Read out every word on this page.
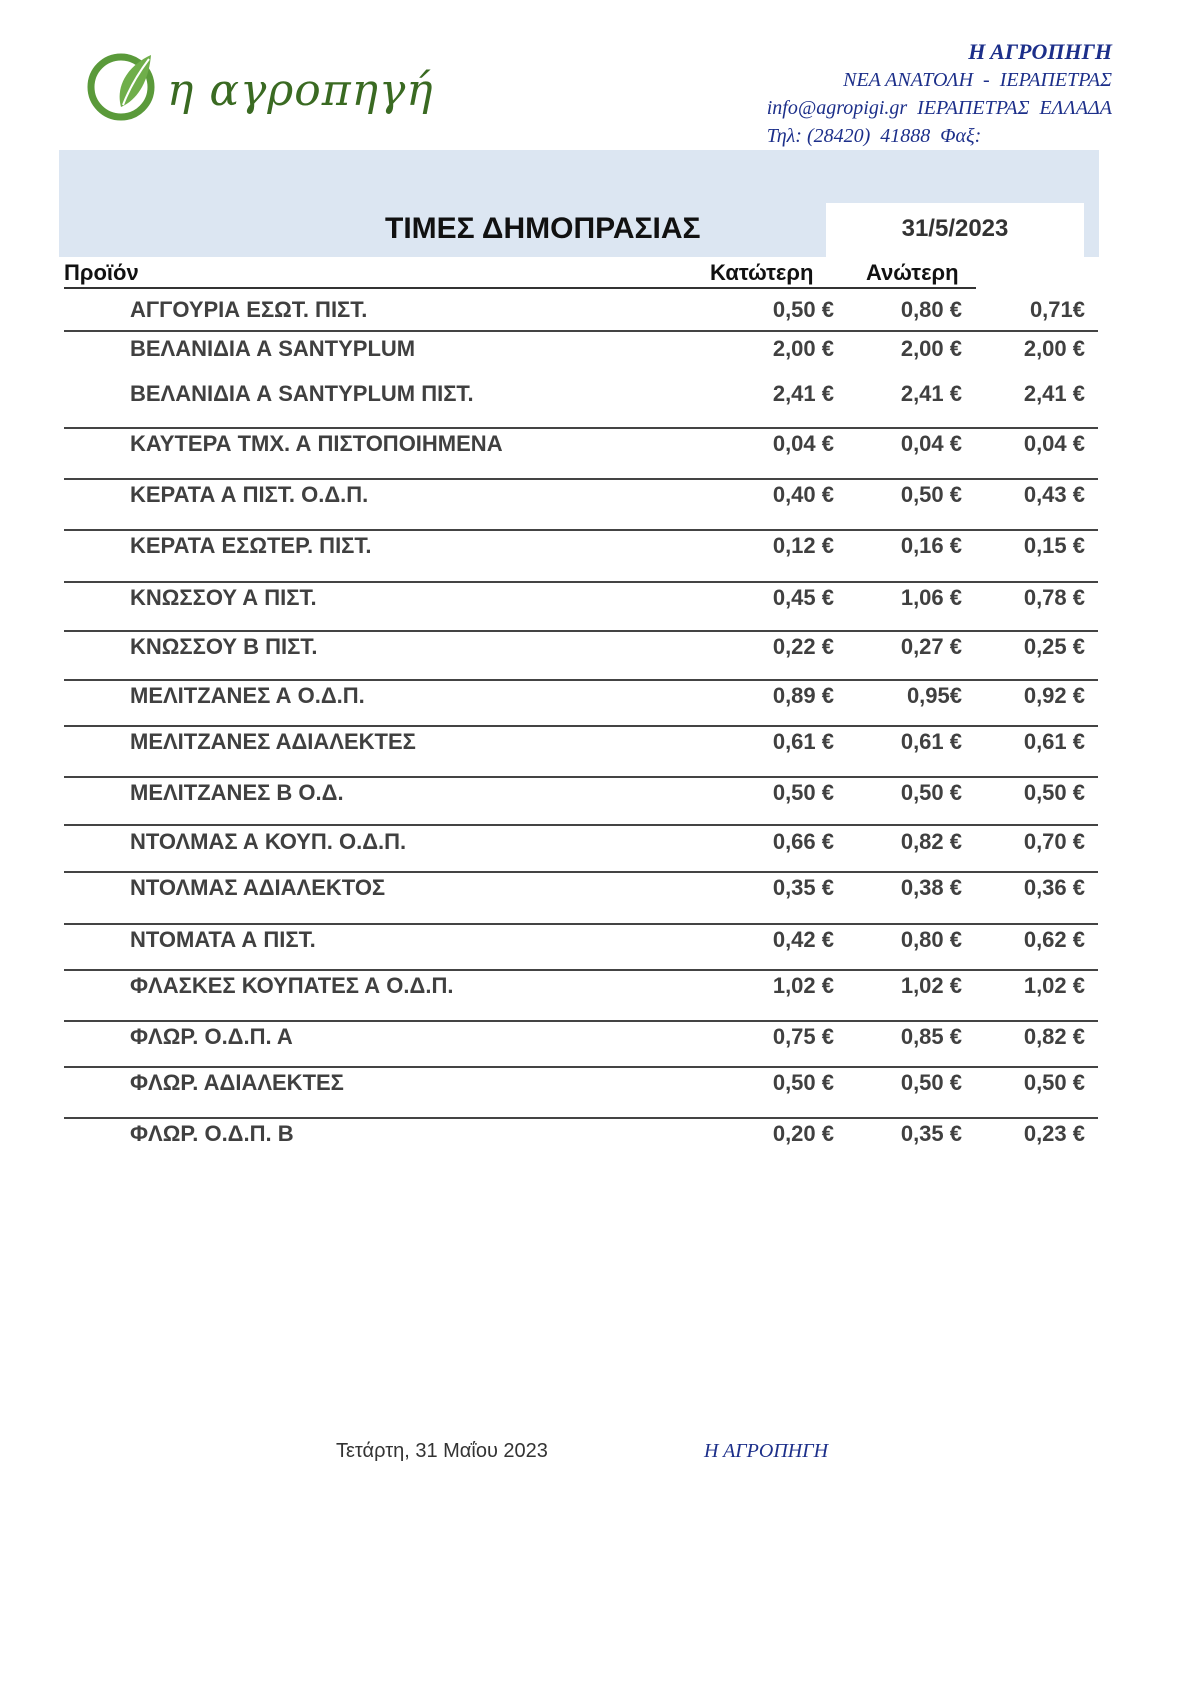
η αγροπηγή
Η ΑΓΡΟΠΗΓΗ
ΝΕΑ ΑΝΑΤΟΛΗ  -  ΙΕΡΑΠΕΤΡΑΣ
info@agropigi.gr  ΙΕΡΑΠΕΤΡΑΣ  ΕΛΛΑΔΑ
Τηλ: (28420)  41888  Φαξ:
31/5/2023
ΤΙΜΕΣ ΔΗΜΟΠΡΑΣΙΑΣ
Προϊόν	Κατώτερη Ανώτερη
ΑΓΓΟΥΡΙΑ ΕΣΩΤ. ΠΙΣΤ.	0,50 €	0,80 €	0,71€
ΒΕΛΑΝΙΔΙΑ Α SANTYPLUM	2,00 €	2,00 €	2,00 €
ΒΕΛΑΝΙΔΙΑ Α SANTYPLUM ΠΙΣΤ.	2,41 €	2,41 €	2,41 €
ΚΑΥΤΕΡΑ ΤΜΧ. Α ΠΙΣΤΟΠΟΙΗΜΕΝΑ	0,04 €	0,04 €	0,04 €
ΚΕΡΑΤΑ Α ΠΙΣΤ. Ο.Δ.Π.	0,40 €	0,50 €	0,43 €
ΚΕΡΑΤΑ ΕΣΩΤΕΡ. ΠΙΣΤ.	0,12 €	0,16 €	0,15 €
ΚΝΩΣΣΟΥ Α ΠΙΣΤ.	0,45 €	1,06 €	0,78 €
ΚΝΩΣΣΟΥ Β ΠΙΣΤ.	0,22 €	0,27 €	0,25 €
ΜΕΛΙΤΖΑΝΕΣ Α Ο.Δ.Π.	0,89 €	0,95€	0,92 €
ΜΕΛΙΤΖΑΝΕΣ ΑΔΙΑΛΕΚΤΕΣ	0,61 €	0,61 €	0,61 €
ΜΕΛΙΤΖΑΝΕΣ Β Ο.Δ.	0,50 €	0,50 €	0,50 €
ΝΤΟΛΜΑΣ Α ΚΟΥΠ. Ο.Δ.Π.	0,66 €	0,82 €	0,70 €
ΝΤΟΛΜΑΣ ΑΔΙΑΛΕΚΤΟΣ	0,35 €	0,38 €	0,36 €
ΝΤΟΜΑΤΑ Α ΠΙΣΤ.	0,42 €	0,80 €	0,62 €
ΦΛΑΣΚΕΣ ΚΟΥΠΑΤΕΣ Α Ο.Δ.Π.	1,02 €	1,02 €	1,02 €
ΦΛΩΡ. Ο.Δ.Π. Α	0,75 €	0,85 €	0,82 €
ΦΛΩΡ. ΑΔΙΑΛΕΚΤΕΣ	0,50 €	0,50 €	0,50 €
ΦΛΩΡ. Ο.Δ.Π. Β	0,20 €	0,35 €	0,23 €
Τετάρτη, 31 Μαΐου 2023	Η ΑΓΡΟΠΗΓΗ
